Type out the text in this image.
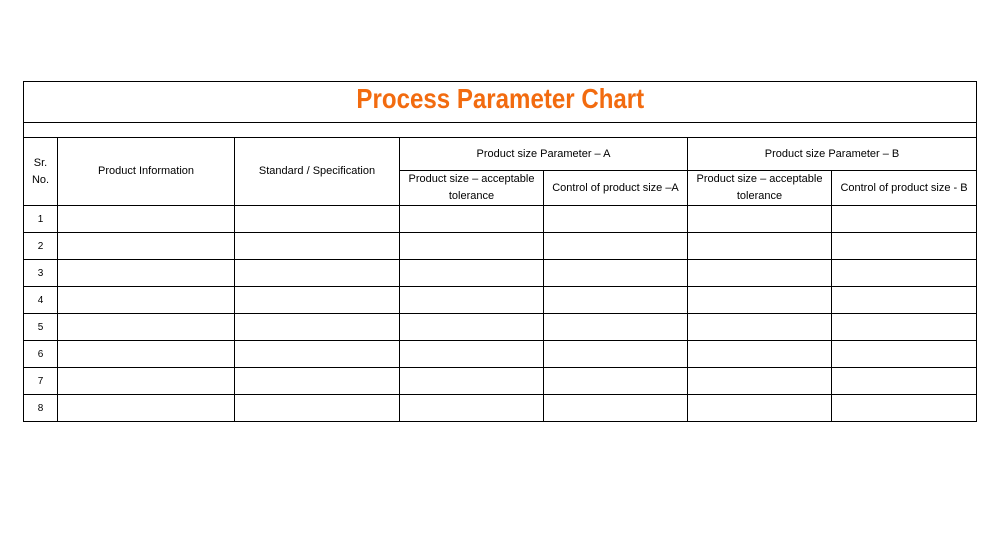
Process Parameter Chart						

Sr. No.	Product Information	Standard / Specification	Product size Parameter – A		Product size Parameter – B	
			Product size – acceptable tolerance	Control of product size –A	Product size – acceptable tolerance	Control of product size - B
1						
2						
3						
4						
5						
6						
7						
8						
